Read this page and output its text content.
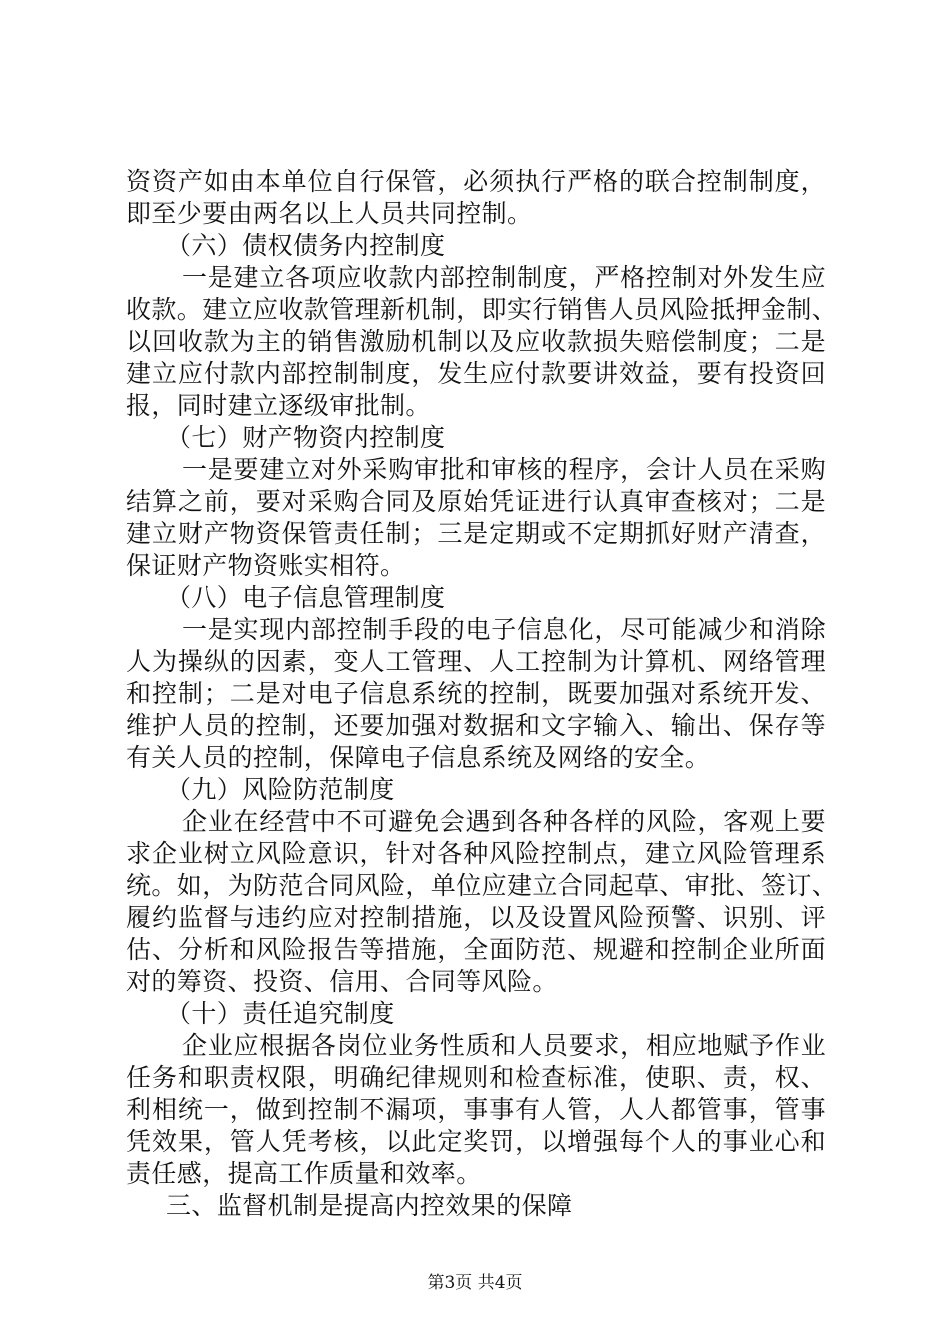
资资产如由本单位自行保管，必须执行严格的联合控制制度，
即至少要由两名以上人员共同控制。
（六）债权债务内控制度
一是建立各项应收款内部控制制度，严格控制对外发生应
收款。建立应收款管理新机制，即实行销售人员风险抵押金制、
以回收款为主的销售激励机制以及应收款损失赔偿制度；二是
建立应付款内部控制制度，发生应付款要讲效益，要有投资回
报，同时建立逐级审批制。
（七）财产物资内控制度
一是要建立对外采购审批和审核的程序，会计人员在采购
结算之前，要对采购合同及原始凭证进行认真审查核对；二是
建立财产物资保管责任制；三是定期或不定期抓好财产清查，
保证财产物资账实相符。
（八）电子信息管理制度
一是实现内部控制手段的电子信息化，尽可能减少和消除
人为操纵的因素，变人工管理、人工控制为计算机、网络管理
和控制；二是对电子信息系统的控制，既要加强对系统开发、
维护人员的控制，还要加强对数据和文字输入、输出、保存等
有关人员的控制，保障电子信息系统及网络的安全。
（九）风险防范制度
企业在经营中不可避免会遇到各种各样的风险，客观上要
求企业树立风险意识，针对各种风险控制点，建立风险管理系
统。如，为防范合同风险，单位应建立合同起草、审批、签订、
履约监督与违约应对控制措施，以及设置风险预警、识别、评
估、分析和风险报告等措施，全面防范、规避和控制企业所面
对的筹资、投资、信用、合同等风险。
（十）责任追究制度
企业应根据各岗位业务性质和人员要求，相应地赋予作业
任务和职责权限，明确纪律规则和检查标准，使职、责，权、
利相统一，做到控制不漏项，事事有人管，人人都管事，管事
凭效果，管人凭考核，以此定奖罚，以增强每个人的事业心和
责任感，提高工作质量和效率。
三、监督机制是提高内控效果的保障
第3页 共4页
